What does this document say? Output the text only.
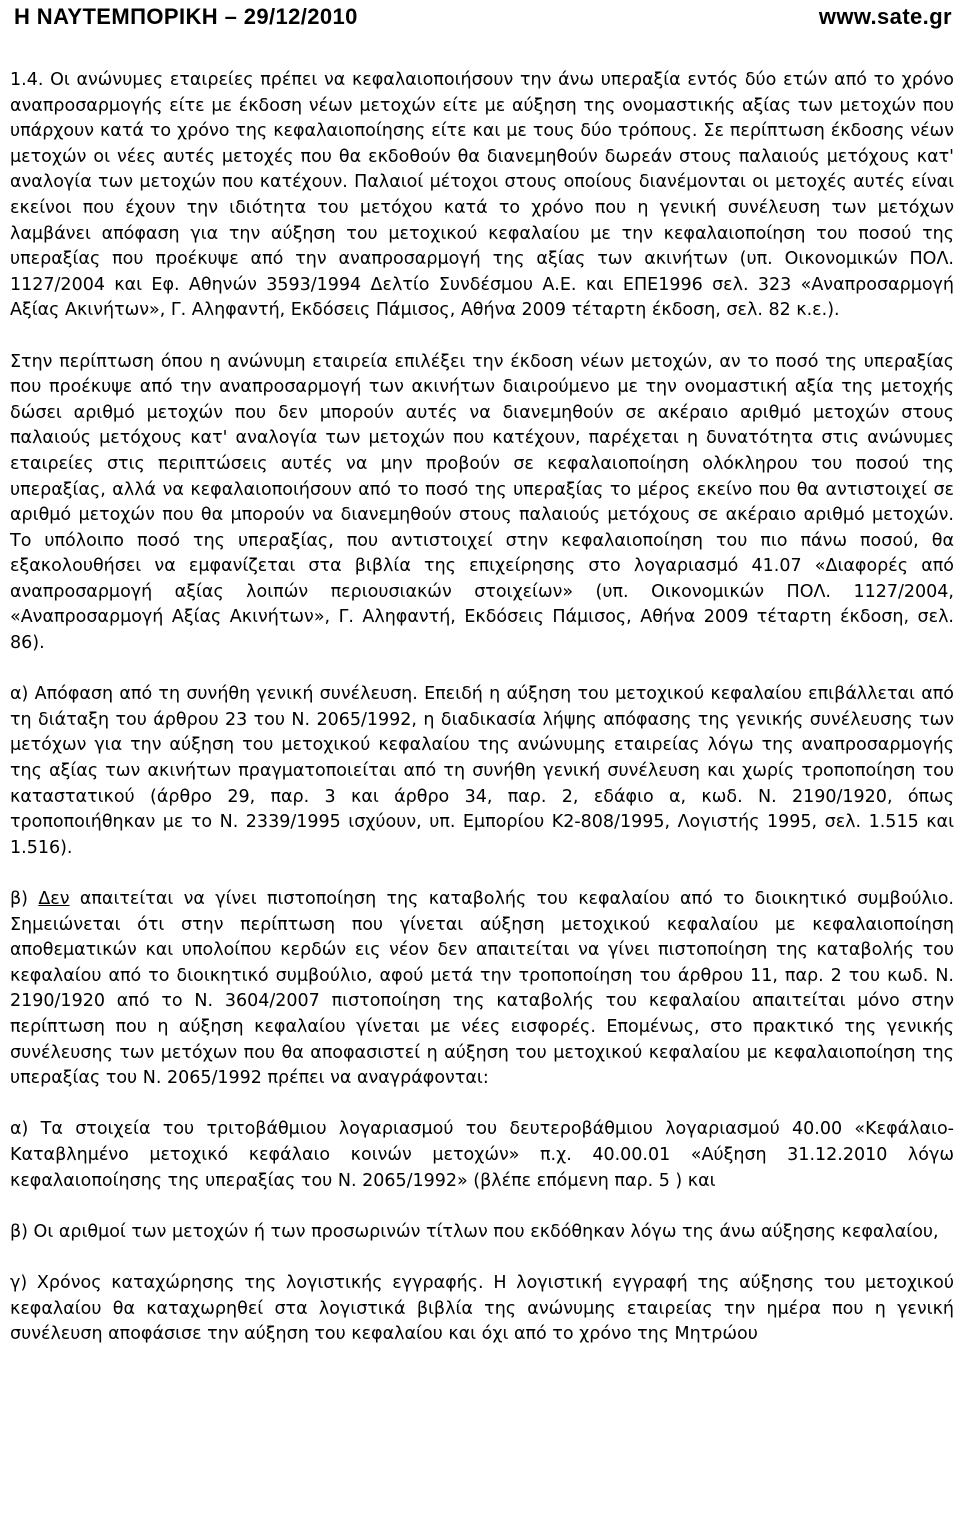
Η ΝΑΥΤΕΜΠΟΡΙΚΗ – 29/12/2010	www.sate.gr

1.4. Οι ανώνυμες εταιρείες πρέπει να κεφαλαιοποιήσουν την άνω υπεραξία εντός δύο ετών από το χρόνο αναπροσαρμογής είτε με έκδοση νέων μετοχών είτε με αύξηση της ονομαστικής αξίας των μετοχών που υπάρχουν κατά το χρόνο της κεφαλαιοποίησης είτε και με τους δύο τρόπους. Σε περίπτωση έκδοσης νέων μετοχών οι νέες αυτές μετοχές που θα εκδοθούν θα διανεμηθούν δωρεάν στους παλαιούς μετόχους κατ' αναλογία των μετοχών που κατέχουν. Παλαιοί μέτοχοι στους οποίους διανέμονται οι μετοχές αυτές είναι εκείνοι που έχουν την ιδιότητα του μετόχου κατά το χρόνο που η γενική συνέλευση των μετόχων λαμβάνει απόφαση για την αύξηση του μετοχικού κεφαλαίου με την κεφαλαιοποίηση του ποσού της υπεραξίας που προέκυψε από την αναπροσαρμογή της αξίας των ακινήτων (υπ. Οικονομικών ΠΟΛ. 1127/2004 και Εφ. Αθηνών 3593/1994 Δελτίο Συνδέσμου Α.Ε. και ΕΠΕ1996 σελ. 323 «Αναπροσαρμογή Αξίας Ακινήτων», Γ. Αληφαντή, Εκδόσεις Πάμισος, Αθήνα 2009 τέταρτη έκδοση, σελ. 82 κ.ε.).

Στην περίπτωση όπου η ανώνυμη εταιρεία επιλέξει την έκδοση νέων μετοχών, αν το ποσό της υπεραξίας που προέκυψε από την αναπροσαρμογή των ακινήτων διαιρούμενο με την ονομαστική αξία της μετοχής δώσει αριθμό μετοχών που δεν μπορούν αυτές να διανεμηθούν σε ακέραιο αριθμό μετοχών στους παλαιούς μετόχους κατ' αναλογία των μετοχών που κατέχουν, παρέχεται η δυνατότητα στις ανώνυμες εταιρείες στις περιπτώσεις αυτές να μην προβούν σε κεφαλαιοποίηση ολόκληρου του ποσού της υπεραξίας, αλλά να κεφαλαιοποιήσουν από το ποσό της υπεραξίας το μέρος εκείνο που θα αντιστοιχεί σε αριθμό μετοχών που θα μπορούν να διανεμηθούν στους παλαιούς μετόχους σε ακέραιο αριθμό μετοχών. Το υπόλοιπο ποσό της υπεραξίας, που αντιστοιχεί στην κεφαλαιοποίηση του πιο πάνω ποσού, θα εξακολουθήσει να εμφανίζεται στα βιβλία της επιχείρησης στο λογαριασμό 41.07 «Διαφορές από αναπροσαρμογή αξίας λοιπών περιουσιακών στοιχείων» (υπ. Οικονομικών ΠΟΛ. 1127/2004, «Αναπροσαρμογή Αξίας Ακινήτων», Γ. Αληφαντή, Εκδόσεις Πάμισος, Αθήνα 2009 τέταρτη έκδοση, σελ. 86).

α) Απόφαση από τη συνήθη γενική συνέλευση. Επειδή η αύξηση του μετοχικού κεφαλαίου επιβάλλεται από τη διάταξη του άρθρου 23 του Ν. 2065/1992, η διαδικασία λήψης απόφασης της γενικής συνέλευσης των μετόχων για την αύξηση του μετοχικού κεφαλαίου της ανώνυμης εταιρείας λόγω της αναπροσαρμογής της αξίας των ακινήτων πραγματοποιείται από τη συνήθη γενική συνέλευση και χωρίς τροποποίηση του καταστατικού (άρθρο 29, παρ. 3 και άρθρο 34, παρ. 2, εδάφιο α, κωδ. Ν. 2190/1920, όπως τροποποιήθηκαν με το Ν. 2339/1995 ισχύουν, υπ. Εμπορίου Κ2-808/1995, Λογιστής 1995, σελ. 1.515 και 1.516).

β) Δεν απαιτείται να γίνει πιστοποίηση της καταβολής του κεφαλαίου από το διοικητικό συμβούλιο. Σημειώνεται ότι στην περίπτωση που γίνεται αύξηση μετοχικού κεφαλαίου με κεφαλαιοποίηση αποθεματικών και υπολοίπου κερδών εις νέον δεν απαιτείται να γίνει πιστοποίηση της καταβολής του κεφαλαίου από το διοικητικό συμβούλιο, αφού μετά την τροποποίηση του άρθρου 11, παρ. 2 του κωδ. Ν. 2190/1920 από το Ν. 3604/2007 πιστοποίηση της καταβολής του κεφαλαίου απαιτείται μόνο στην περίπτωση που η αύξηση κεφαλαίου γίνεται με νέες εισφορές. Επομένως, στο πρακτικό της γενικής συνέλευσης των μετόχων που θα αποφασιστεί η αύξηση του μετοχικού κεφαλαίου με κεφαλαιοποίηση της υπεραξίας του Ν. 2065/1992 πρέπει να αναγράφονται:

α) Τα στοιχεία του τριτοβάθμιου λογαριασμού του δευτεροβάθμιου λογαριασμού 40.00 «Κεφάλαιο-Καταβλημένο μετοχικό κεφάλαιο κοινών μετοχών» π.χ. 40.00.01 «Αύξηση 31.12.2010 λόγω κεφαλαιοποίησης της υπεραξίας του Ν. 2065/1992» (βλέπε επόμενη παρ. 5 ) και

β) Οι αριθμοί των μετοχών ή των προσωρινών τίτλων που εκδόθηκαν λόγω της άνω αύξησης κεφαλαίου,

γ) Χρόνος καταχώρησης της λογιστικής εγγραφής. Η λογιστική εγγραφή της αύξησης του μετοχικού κεφαλαίου θα καταχωρηθεί στα λογιστικά βιβλία της ανώνυμης εταιρείας την ημέρα που η γενική συνέλευση αποφάσισε την αύξηση του κεφαλαίου και όχι από το χρόνο της Μητρώου
